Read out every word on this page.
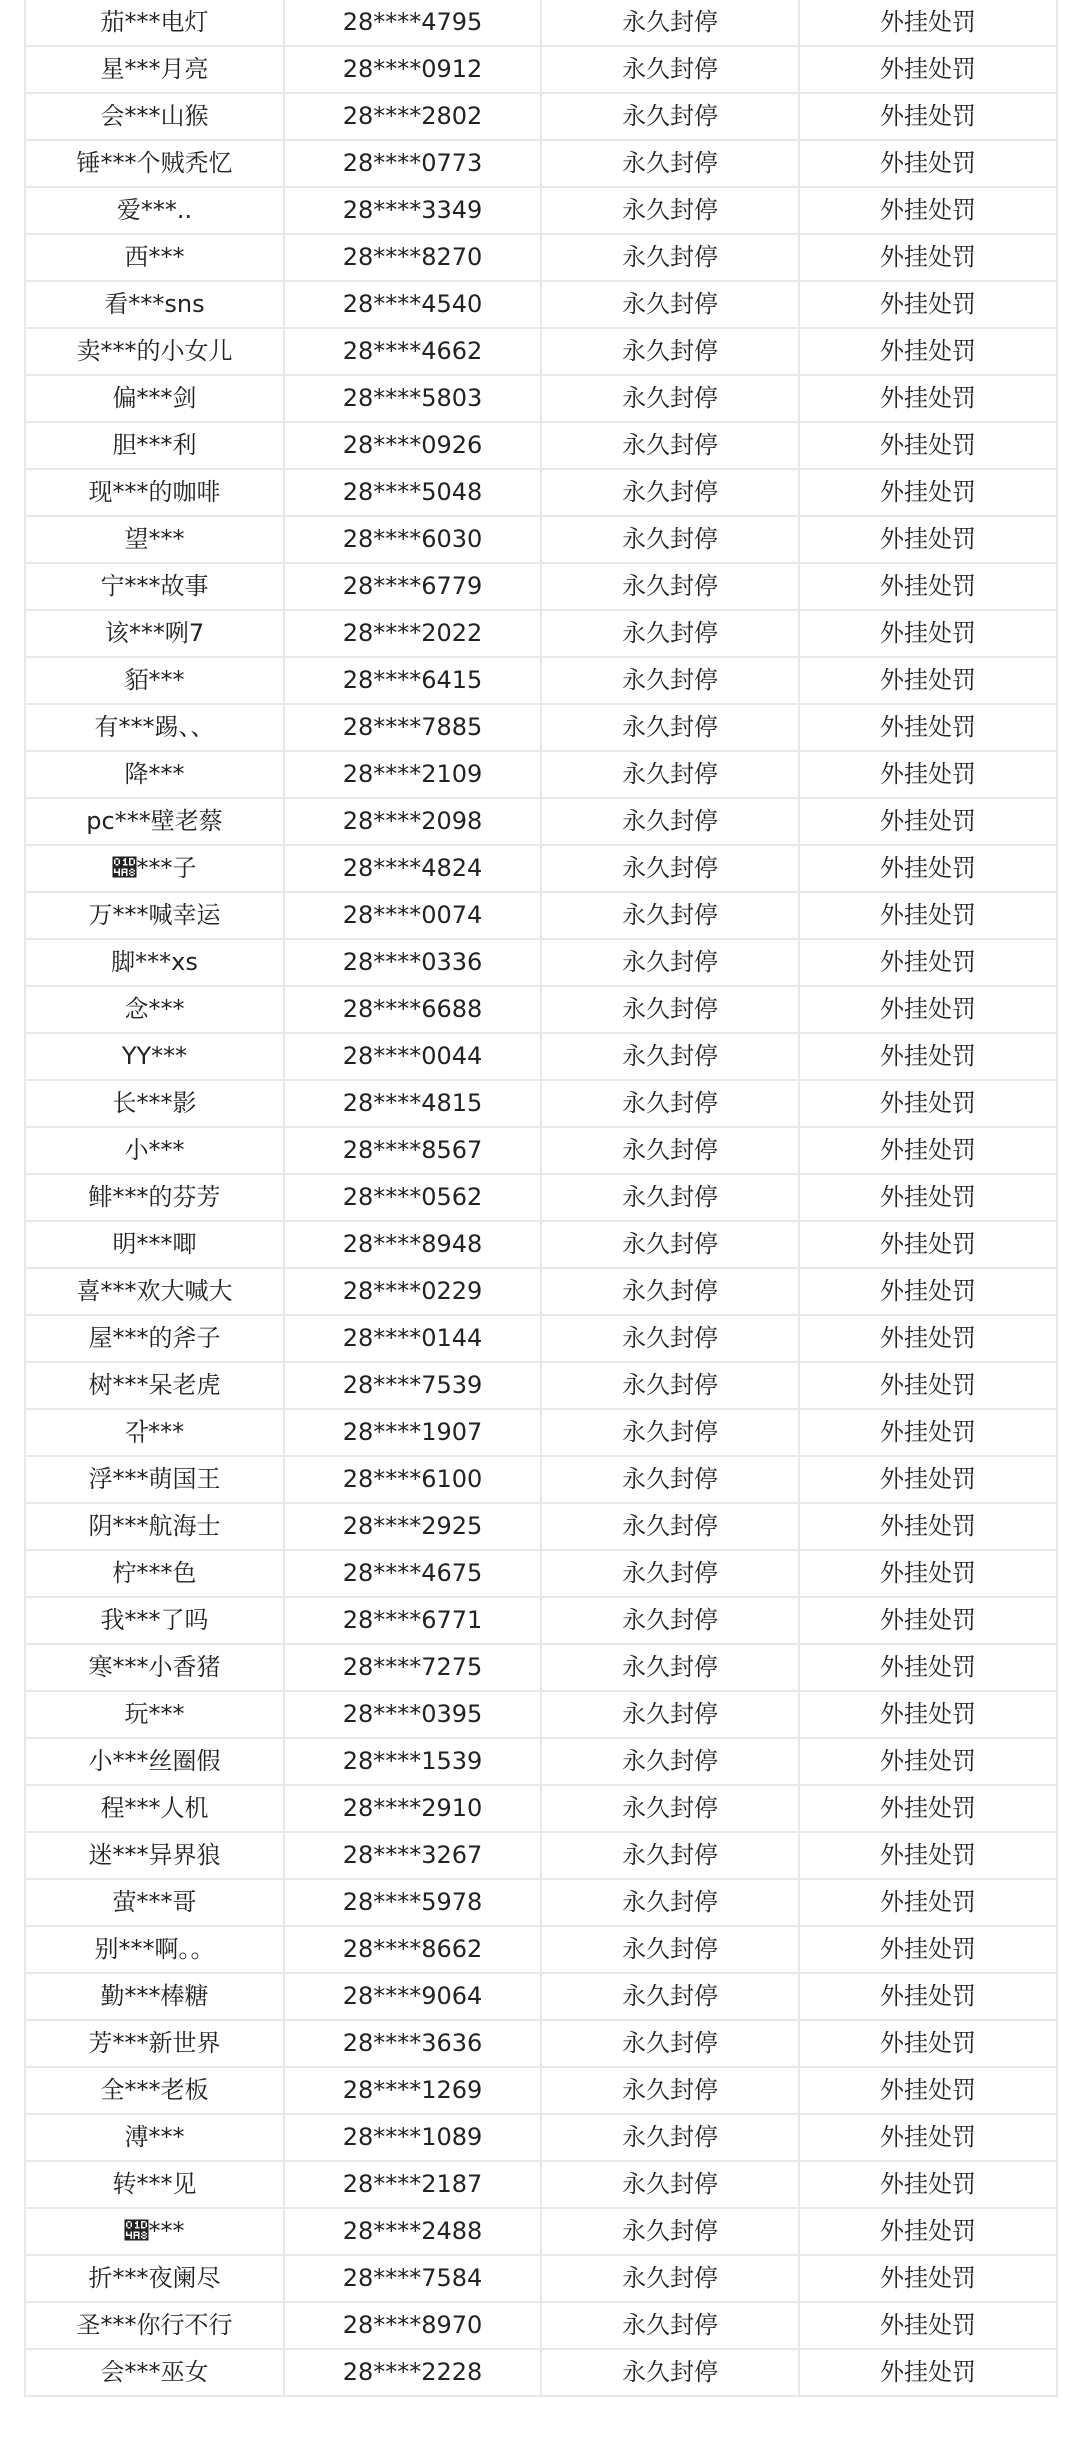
茄***电灯	28****4795	永久封停	外挂处罚
星***月亮	28****0912	永久封停	外挂处罚
会***山猴	28****2802	永久封停	外挂处罚
锤***个贼秃忆	28****0773	永久封停	外挂处罚
爱***..	28****3349	永久封停	外挂处罚
西***	28****8270	永久封停	外挂处罚
看***sns	28****4540	永久封停	外挂处罚
卖***的小女儿	28****4662	永久封停	外挂处罚
偏***剑	28****5803	永久封停	外挂处罚
胆***利	28****0926	永久封停	外挂处罚
现***的咖啡	28****5048	永久封停	外挂处罚
望***	28****6030	永久封停	外挂处罚
宁***故事	28****6779	永久封停	外挂处罚
该***咧7	28****2022	永久封停	外挂处罚
貊***	28****6415	永久封停	外挂处罚
有***踢、、	28****7885	永久封停	外挂处罚
降***	28****2109	永久封停	外挂处罚
pc***壁老蔡	28****2098	永久封停	外挂处罚
𝒨***子	28****4824	永久封停	外挂处罚
万***喊幸运	28****0074	永久封停	外挂处罚
脚***xs	28****0336	永久封停	外挂处罚
念***	28****6688	永久封停	外挂处罚
YY***	28****0044	永久封停	外挂处罚
长***影	28****4815	永久封停	外挂处罚
小***	28****8567	永久封停	外挂处罚
鲱***的芬芳	28****0562	永久封停	外挂处罚
明***唧	28****8948	永久封停	外挂处罚
喜***欢大喊大	28****0229	永久封停	外挂处罚
屋***的斧子	28****0144	永久封停	外挂处罚
树***呆老虎	28****7539	永久封停	外挂处罚
갂***	28****1907	永久封停	外挂处罚
浮***萌国王	28****6100	永久封停	外挂处罚
阴***航海士	28****2925	永久封停	外挂处罚
柠***色	28****4675	永久封停	外挂处罚
我***了吗	28****6771	永久封停	外挂处罚
寒***小香猪	28****7275	永久封停	外挂处罚
玩***	28****0395	永久封停	外挂处罚
小***丝圈假	28****1539	永久封停	外挂处罚
程***人机	28****2910	永久封停	外挂处罚
迷***异界狼	28****3267	永久封停	外挂处罚
萤***哥	28****5978	永久封停	外挂处罚
别***啊。。	28****8662	永久封停	外挂处罚
勤***棒糖	28****9064	永久封停	外挂处罚
芳***新世界	28****3636	永久封停	外挂处罚
全***老板	28****1269	永久封停	外挂处罚
溥***	28****1089	永久封停	外挂处罚
转***见	28****2187	永久封停	外挂处罚
𝒨***	28****2488	永久封停	外挂处罚
折***夜阑尽	28****7584	永久封停	外挂处罚
圣***你行不行	28****8970	永久封停	外挂处罚
会***巫女	28****2228	永久封停	外挂处罚
